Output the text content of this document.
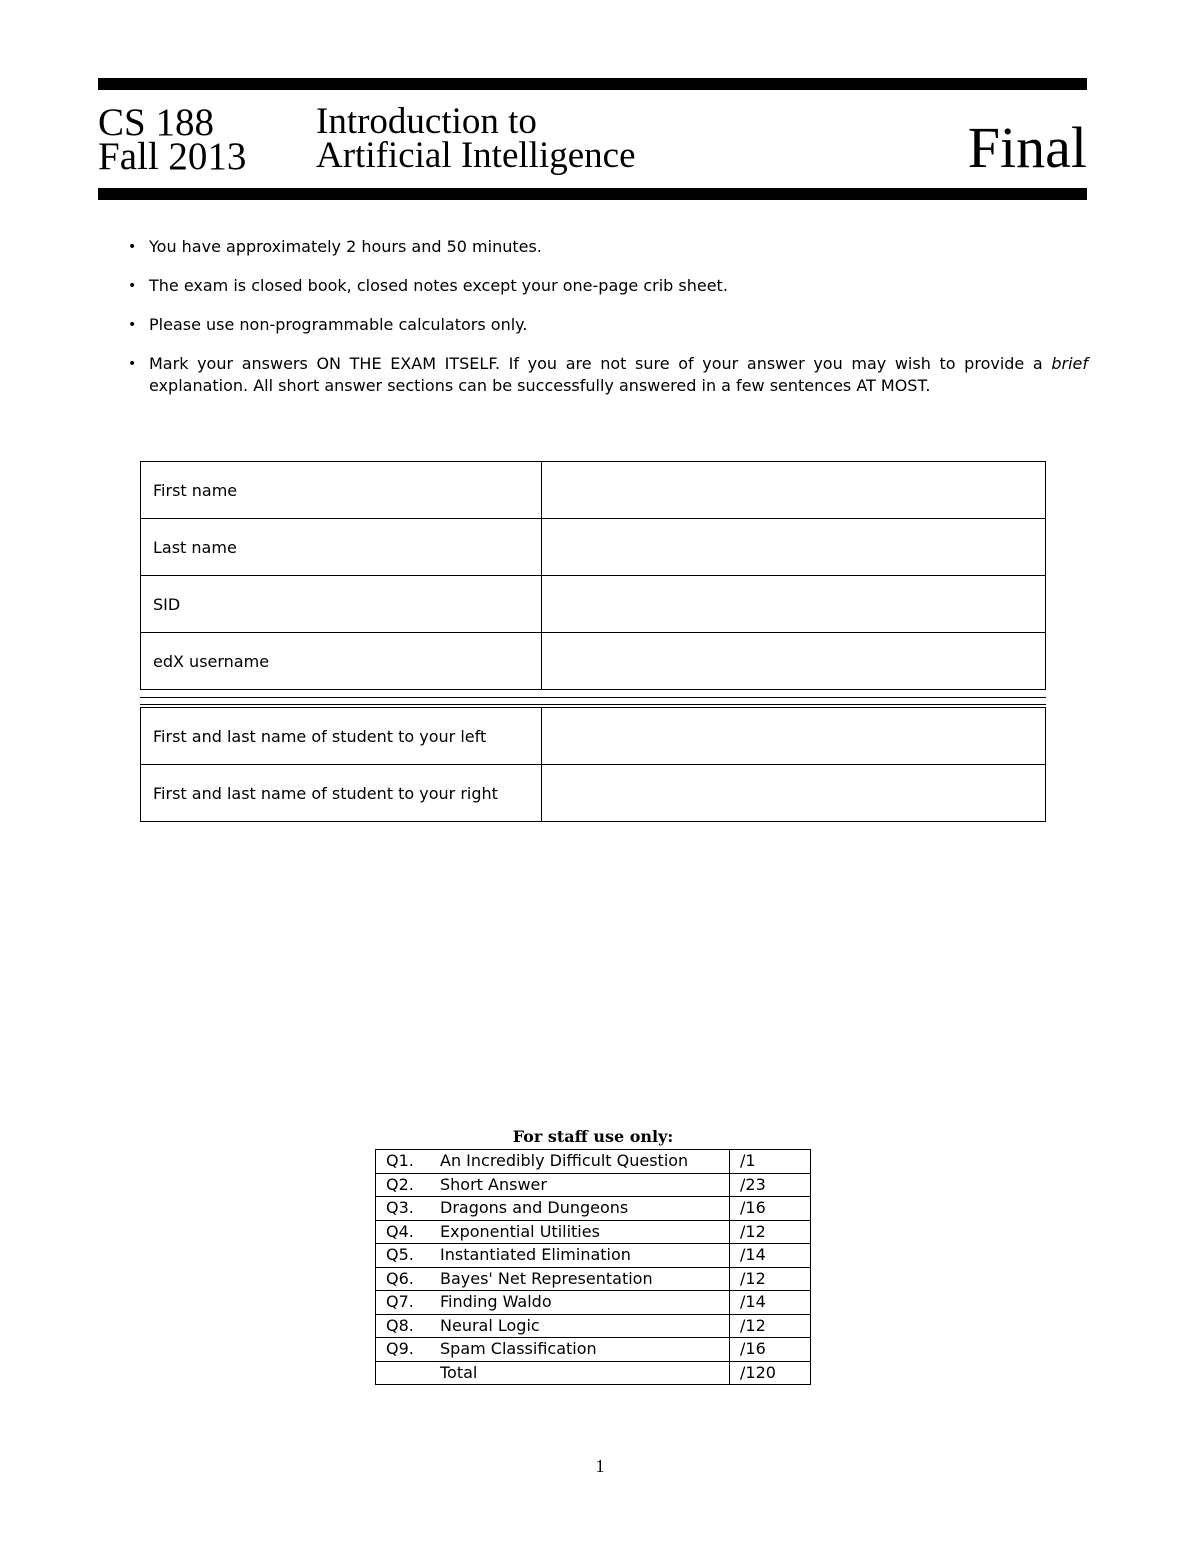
CS 188
Fall 2013
Introduction to
Artificial Intelligence	Final
• You have approximately 2 hours and 50 minutes.
• The exam is closed book, closed notes except your one-page crib sheet.
• Please use non-programmable calculators only.
• Mark your answers ON THE EXAM ITSELF. If you are not sure of your answer you may wish to provide a brief explanation. All short answer sections can be successfully answered in a few sentences AT MOST.
First name	
Last name	
SID	
edX username	
First and last name of student to your left	
First and last name of student to your right	
For staff use only:
Q1. An Incredibly Difficult Question	/1
Q2. Short Answer	/23
Q3. Dragons and Dungeons	/16
Q4. Exponential Utilities	/12
Q5. Instantiated Elimination	/14
Q6. Bayes' Net Representation	/12
Q7. Finding Waldo	/14
Q8. Neural Logic	/12
Q9. Spam Classification	/16
Total	/120
1
